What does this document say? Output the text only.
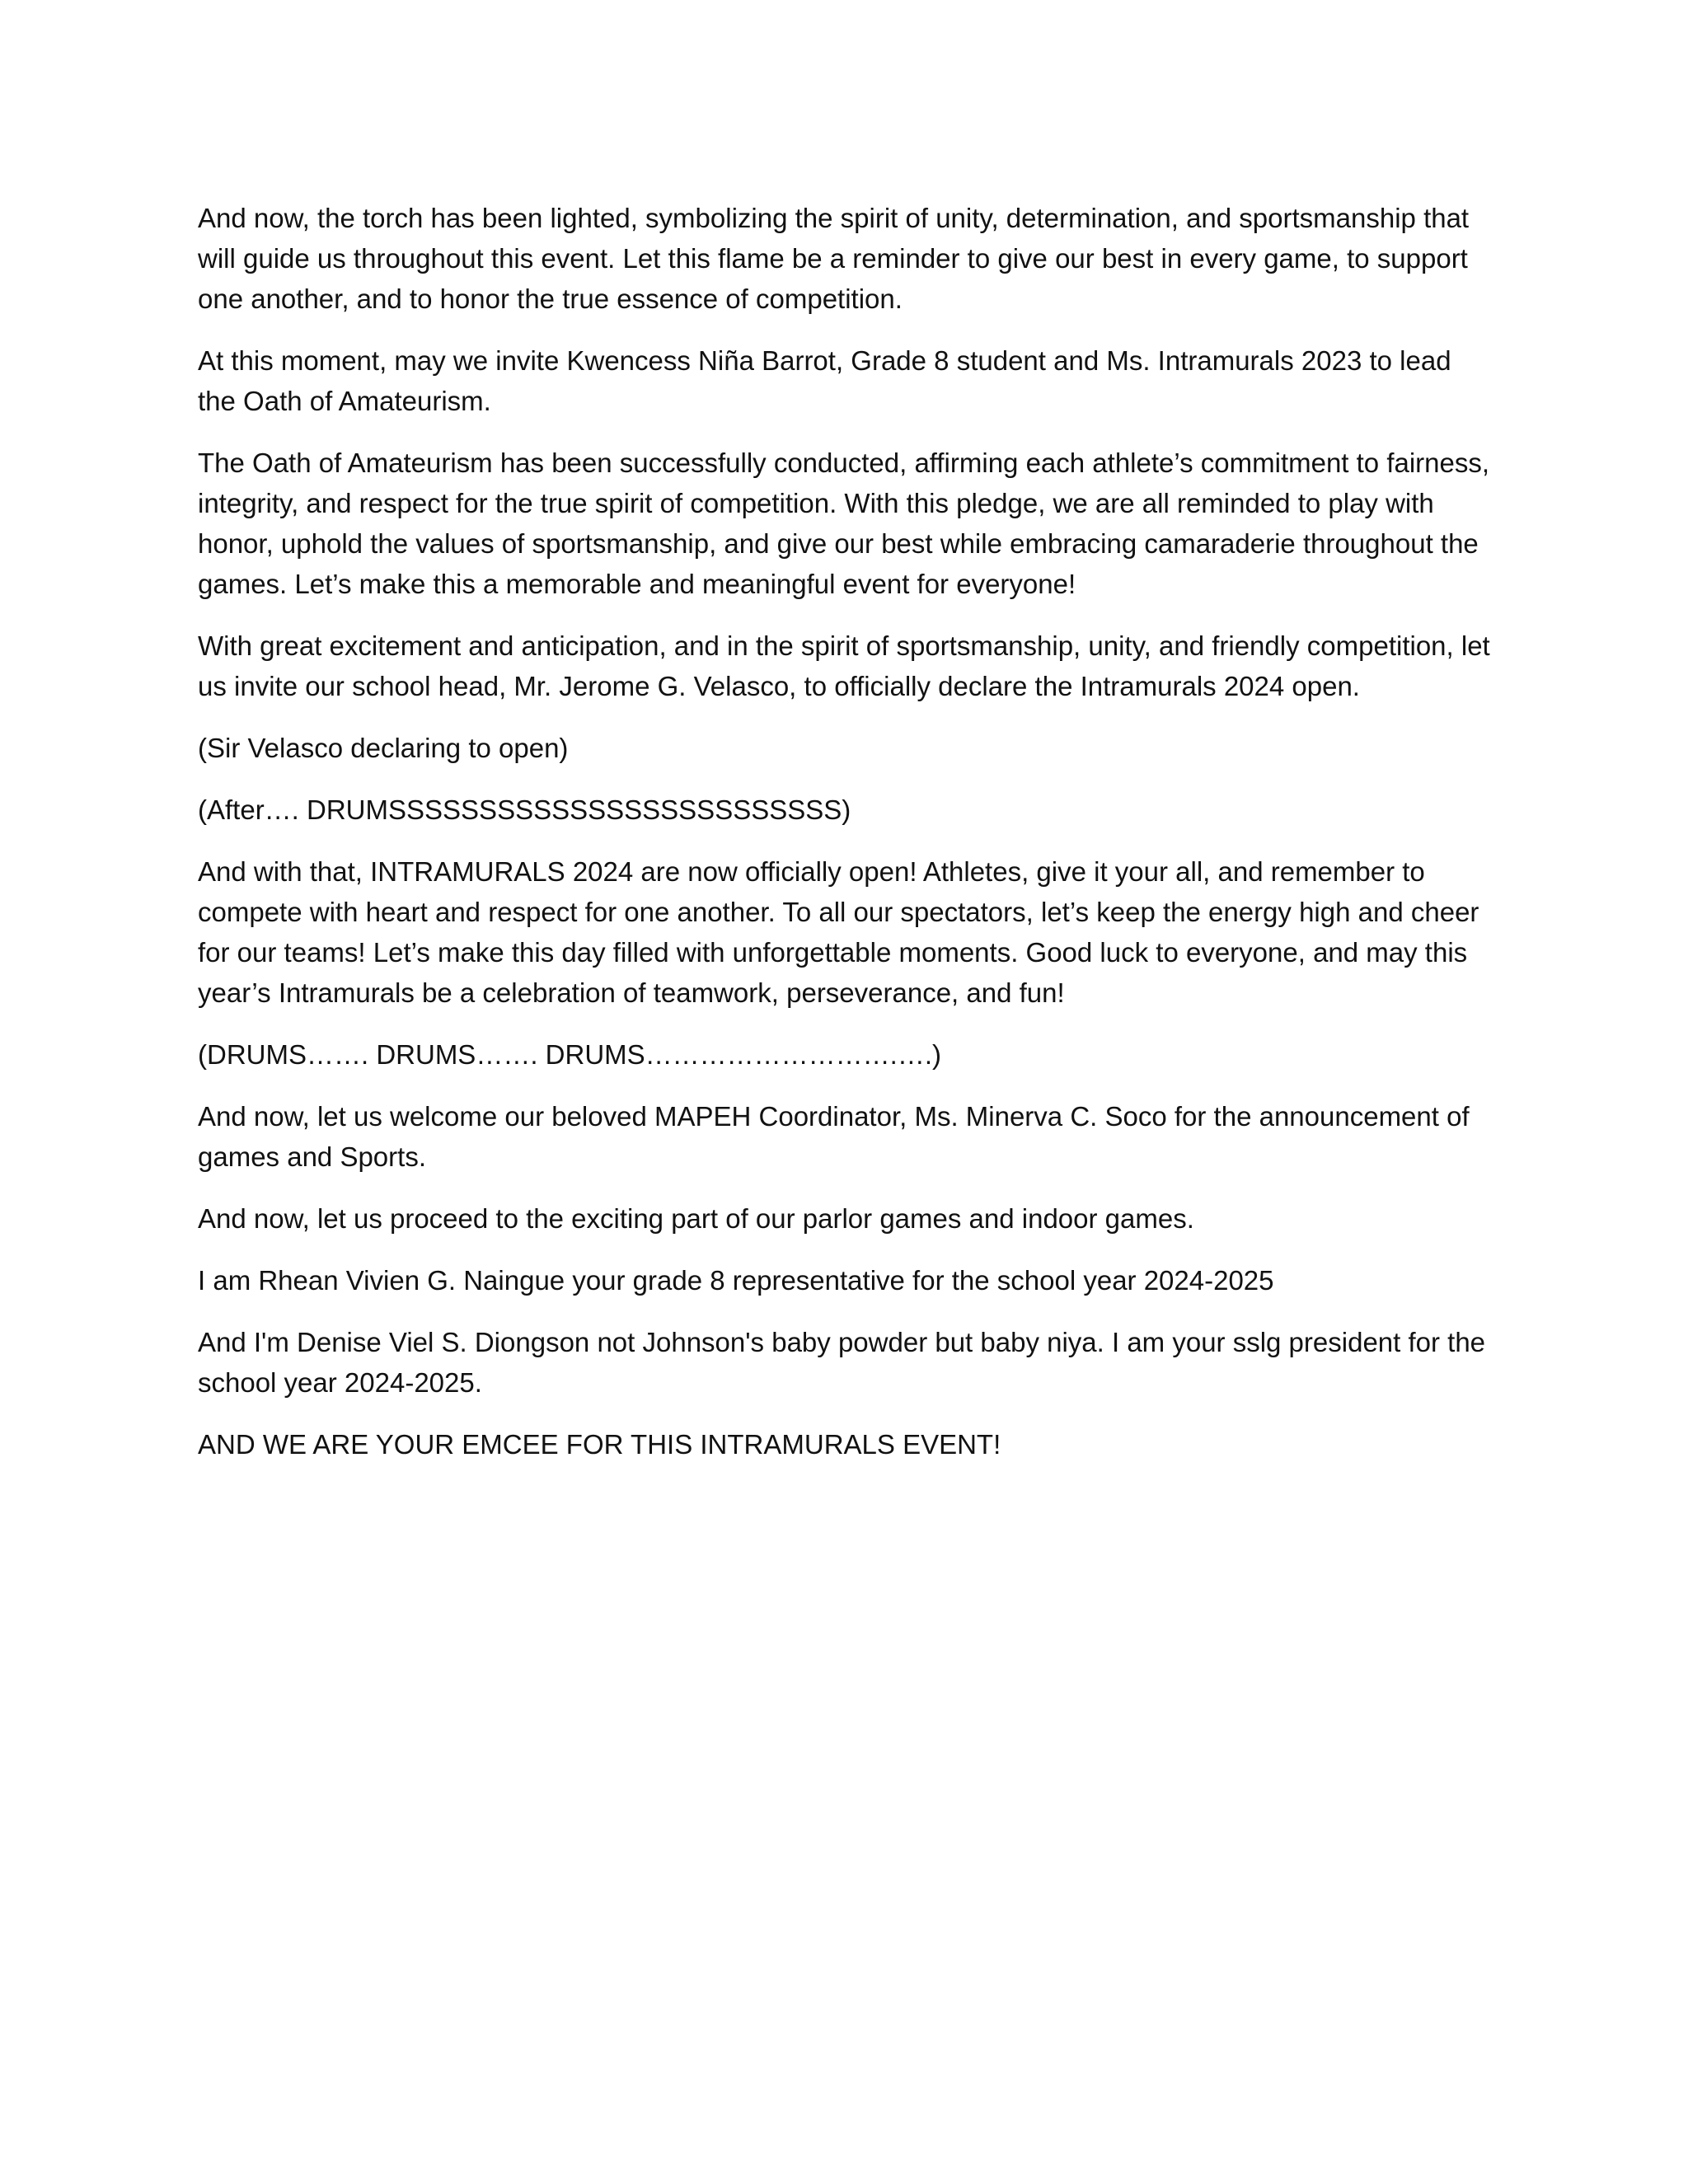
And now, the torch has been lighted, symbolizing the spirit of unity, determination, and sportsmanship that will guide us throughout this event. Let this flame be a reminder to give our best in every game, to support one another, and to honor the true essence of competition.

At this moment, may we invite Kwencess Niña Barrot, Grade 8 student and Ms. Intramurals 2023 to lead the Oath of Amateurism.

The Oath of Amateurism has been successfully conducted, affirming each athlete’s commitment to fairness, integrity, and respect for the true spirit of competition. With this pledge, we are all reminded to play with honor, uphold the values of sportsmanship, and give our best while embracing camaraderie throughout the games. Let’s make this a memorable and meaningful event for everyone!

With great excitement and anticipation, and in the spirit of sportsmanship, unity, and friendly competition, let us invite our school head, Mr. Jerome G. Velasco, to officially declare the Intramurals 2024 open.

(Sir Velasco declaring to open)

(After…. DRUMSSSSSSSSSSSSSSSSSSSSSSSSS)

And with that, INTRAMURALS 2024 are now officially open! Athletes, give it your all, and remember to compete with heart and respect for one another. To all our spectators, let’s keep the energy high and cheer for our teams! Let’s make this day filled with unforgettable moments. Good luck to everyone, and may this year’s Intramurals be a celebration of teamwork, perseverance, and fun!

(DRUMS……. DRUMS……. DRUMS……………………….….)

And now, let us welcome our beloved MAPEH Coordinator, Ms. Minerva C. Soco for the announcement of games and Sports.

And now, let us proceed to the exciting part of our parlor games and indoor games.

I am Rhean Vivien G. Naingue your grade 8 representative for the school year 2024-2025

And I'm Denise Viel S. Diongson not Johnson's baby powder but baby niya. I am your sslg president for the school year 2024-2025.

AND WE ARE YOUR EMCEE FOR THIS INTRAMURALS EVENT!
